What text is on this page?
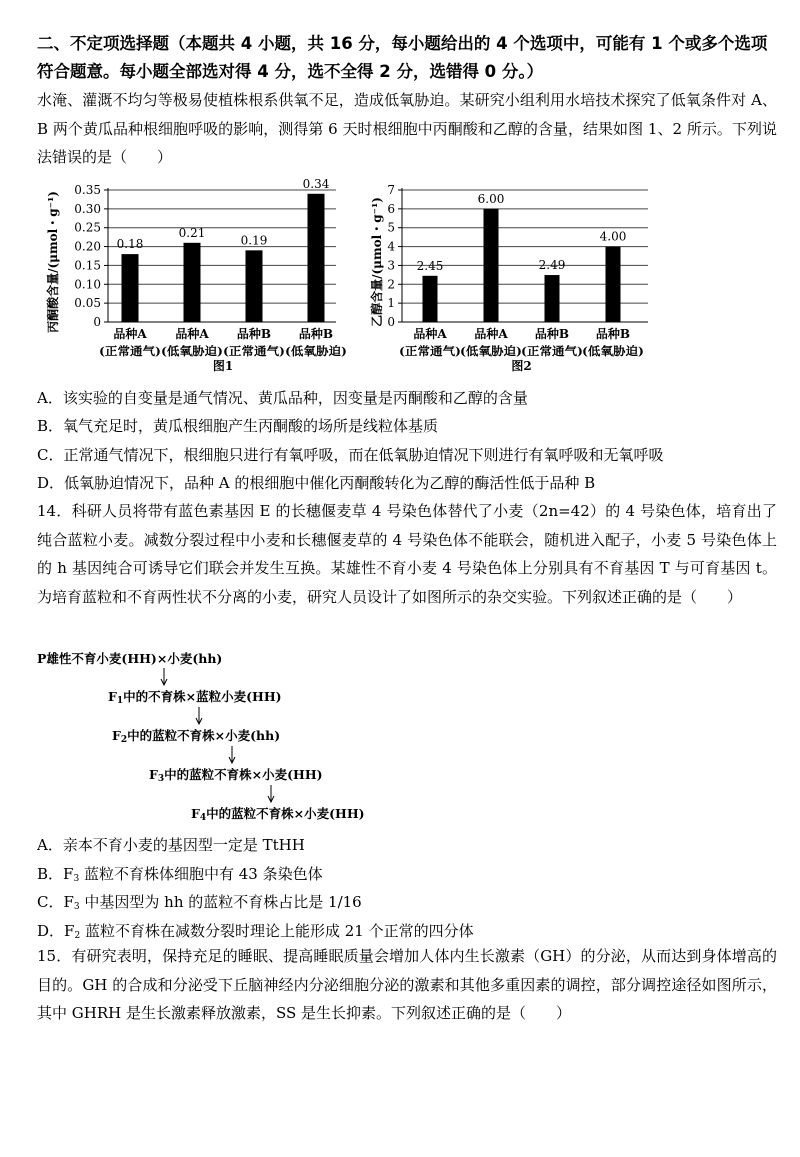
二、不定项选择题（本题共 4 小题，共 16 分，每小题给出的 4 个选项中，可能有 1 个或多个选项符合题意。每小题全部选对得 4 分，选不全得 2 分，选错得 0 分。）
水淹、灌溉不均匀等极易使植株根系供氧不足，造成低氧胁迫。某研究小组利用水培技术探究了低氧条件对 A、B 两个黄瓜品种根细胞呼吸的影响，测得第 6 天时根细胞中丙酮酸和乙醇的含量，结果如图 1、2 所示。下列说法错误的是（　　）
0
0.05
0.10
0.15
0.20
0.25
0.30
0.35
0.18
品种A
(正常通气)
0.21
品种A
(低氧胁迫)
0.19
品种B
(正常通气)
0.34
品种B
(低氧胁迫)
图1
丙酮酸含量/(μmol・g⁻¹)	0
1
2
3
4
5
6
7
2.45
品种A
(正常通气)
6.00
品种A
(低氧胁迫)
2.49
品种B
(正常通气)
4.00
品种B
(低氧胁迫)
图2
乙醇含量/(μmol・g⁻¹)
A．该实验的自变量是通气情况、黄瓜品种，因变量是丙酮酸和乙醇的含量
B．氧气充足时，黄瓜根细胞产生丙酮酸的场所是线粒体基质
C．正常通气情况下，根细胞只进行有氧呼吸，而在低氧胁迫情况下则进行有氧呼吸和无氧呼吸
D．低氧胁迫情况下，品种 A 的根细胞中催化丙酮酸转化为乙醇的酶活性低于品种 B
14．科研人员将带有蓝色素基因 E 的长穗偃麦草 4 号染色体替代了小麦（2n=42）的 4 号染色体，培育出了纯合蓝粒小麦。减数分裂过程中小麦和长穗偃麦草的 4 号染色体不能联会，随机进入配子，小麦 5 号染色体上的 h 基因纯合可诱导它们联会并发生互换。某雄性不育小麦 4 号染色体上分别具有不育基因 T 与可育基因 t。为培育蓝粒和不育两性状不分离的小麦，研究人员设计了如图所示的杂交实验。下列叙述正确的是（　　）
P雄性不育小麦(HH)×小麦(hh)
$F_1$中的不育株×蓝粒小麦(HH)
$F_2$中的蓝粒不育株×小麦(hh)
$F_3$中的蓝粒不育株×小麦(HH)
$F_4$中的蓝粒不育株×小麦(HH)
A．亲本不育小麦的基因型一定是 TtHH
B．$F_3$ 蓝粒不育株体细胞中有 43 条染色体
C．$F_3$ 中基因型为 hh 的蓝粒不育株占比是 1/16
D．$F_2$ 蓝粒不育株在减数分裂时理论上能形成 21 个正常的四分体
15．有研究表明，保持充足的睡眠、提高睡眠质量会增加人体内生长激素（GH）的分泌，从而达到身体增高的目的。GH 的合成和分泌受下丘脑神经内分泌细胞分泌的激素和其他多重因素的调控，部分调控途径如图所示，其中 GHRH 是生长激素释放激素，SS 是生长抑素。下列叙述正确的是（　　）
